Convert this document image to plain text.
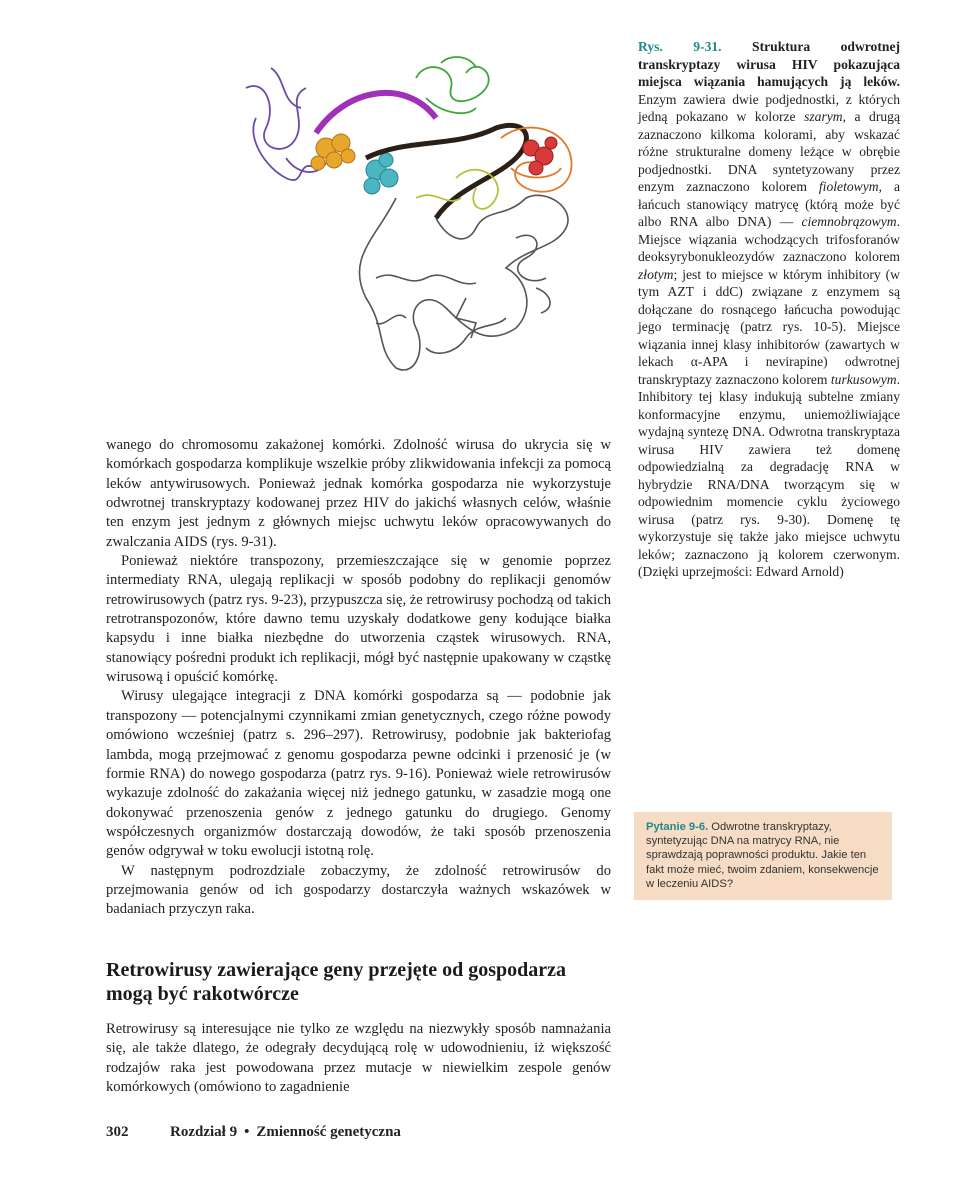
Rys. 9-31. Struktura odwrotnej transkryptazy wirusa HIV pokazująca miejsca wiązania hamujących ją leków. Enzym zawiera dwie podjednostki, z których jedną pokazano w kolorze szarym, a drugą zaznaczono kilkoma kolorami, aby wskazać różne strukturalne domeny leżące w obrębie podjednostki. DNA syntetyzowany przez enzym zaznaczono kolorem fioletowym, a łańcuch stanowiący matrycę (którą może być albo RNA albo DNA) — ciemnobrązowym. Miejsce wiązania wchodzących trifosforanów deoksyrybonukleozydów zaznaczono kolorem złotym; jest to miejsce w którym inhibitory (w tym AZT i ddC) związane z enzymem są dołączane do rosnącego łańcucha powodując jego terminację (patrz rys. 10-5). Miejsce wiązania innej klasy inhibitorów (zawartych w lekach α-APA i nevirapine) odwrotnej transkryptazy zaznaczono kolorem turkusowym. Inhibitory tej klasy indukują subtelne zmiany konformacyjne enzymu, uniemożliwiające wydajną syntezę DNA. Odwrotna transkryptaza wirusa HIV zawiera też domenę odpowiedzialną za degradację RNA w hybrydzie RNA/DNA tworzącym się w odpowiednim momencie cyklu życiowego wirusa (patrz rys. 9-30). Domenę tę wykorzystuje się także jako miejsce uchwytu leków; zaznaczono ją kolorem czerwonym. (Dzięki uprzejmości: Edward Arnold)

wanego do chromosomu zakażonej komórki. Zdolność wirusa do ukrycia się w komórkach gospodarza komplikuje wszelkie próby zlikwidowania infekcji za pomocą leków antywirusowych. Ponieważ jednak komórka gospodarza nie wykorzystuje odwrotnej transkryptazy kodowanej przez HIV do jakichś własnych celów, właśnie ten enzym jest jednym z głównych miejsc uchwytu leków opracowywanych do zwalczania AIDS (rys. 9-31).

Ponieważ niektóre transpozony, przemieszczające się w genomie poprzez intermediaty RNA, ulegają replikacji w sposób podobny do replikacji genomów retrowirusowych (patrz rys. 9-23), przypuszcza się, że retrowirusy pochodzą od takich retrotranspozonów, które dawno temu uzyskały dodatkowe geny kodujące białka kapsydu i inne białka niezbędne do utworzenia cząstek wirusowych. RNA, stanowiący pośredni produkt ich replikacji, mógł być następnie upakowany w cząstkę wirusową i opuścić komórkę.

Wirusy ulegające integracji z DNA komórki gospodarza są — podobnie jak transpozony — potencjalnymi czynnikami zmian genetycznych, czego różne powody omówiono wcześniej (patrz s. 296–297). Retrowirusy, podobnie jak bakteriofag lambda, mogą przejmować z genomu gospodarza pewne odcinki i przenosić je (w formie RNA) do nowego gospodarza (patrz rys. 9-16). Ponieważ wiele retrowirusów wykazuje zdolność do zakażania więcej niż jednego gatunku, w zasadzie mogą one dokonywać przenoszenia genów z jednego gatunku do drugiego. Genomy współczesnych organizmów dostarczają dowodów, że taki sposób przenoszenia genów odgrywał w toku ewolucji istotną rolę.

W następnym podrozdziale zobaczymy, że zdolność retrowirusów do przejmowania genów od ich gospodarzy dostarczyła ważnych wskazówek w badaniach przyczyn raka.

Retrowirusy zawierające geny przejęte od gospodarza mogą być rakotwórcze

Retrowirusy są interesujące nie tylko ze względu na niezwykły sposób namnażania się, ale także dlatego, że odegrały decydującą rolę w udowodnieniu, iż większość rodzajów raka jest powodowana przez mutacje w niewielkim zespole genów komórkowych (omówiono to zagadnienie

Pytanie 9-6. Odwrotne transkryptazy, syntetyzując DNA na matrycy RNA, nie sprawdzają poprawności produktu. Jakie ten fakt może mieć, twoim zdaniem, konsekwencje w leczeniu AIDS?
302	Rozdział 9 • Zmienność genetyczna
